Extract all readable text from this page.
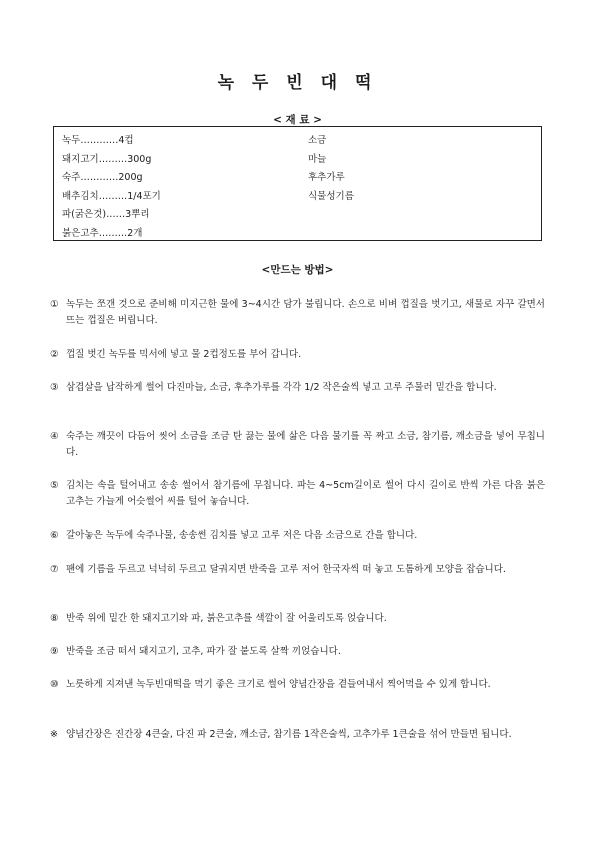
녹 두 빈 대 떡
< 재 료 >
녹두…………4컵
돼지고기………300g
숙주…………200g
배추김치………1/4포기
파(굵은것)……3뿌리
붉은고추………2개
소금
마늘
후추가루
식물성기름
<만드는 방법>
① 녹두는 쪼갠 것으로 준비해 미지근한 물에 3~4시간 담가 불립니다. 손으로 비벼 껍질을 벗기고, 새물로 자꾸 갈면서 뜨는 껍질은 버립니다.
② 껍질 벗긴 녹두를 믹서에 넣고 물 2컵정도를 부어 갑니다.
③ 삼겹살을 납작하게 썰어 다진마늘, 소금, 후추가루를 각각 1/2 작은술씩 넣고 고루 주물러 밑간을 합니다.
④ 숙주는 깨끗이 다듬어 씻어 소금을 조금 탄 끓는 물에 삶은 다음 물기를 꼭 짜고 소금, 참기름, 깨소금을 넣어 무칩니다.
⑤ 김치는 속을 털어내고 송송 썰어서 참기름에 무칩니다. 파는 4~5cm길이로 썰어 다시 길이로 반씩 가른 다음 붉은 고추는 가늘게 어슷썰어 씨를 털어 놓습니다.
⑥ 갈아놓은 녹두에 숙주나물, 송송썬 김치를 넣고 고루 저은 다음 소금으로 간을 합니다.
⑦ 팬에 기름을 두르고 넉넉히 두르고 달궈지면 반죽을 고루 저어 한국자씩 떠 놓고 도톰하게 모양을 잡습니다.
⑧ 반죽 위에 밑간 한 돼지고기와 파, 붉은고추를 색깔이 잘 어울리도록 얹습니다.
⑨ 반죽을 조금 떠서 돼지고기, 고추, 파가 잘 붙도록 살짝 끼얹습니다.
⑩ 노릇하게 지져낸 녹두빈대떡을 먹기 좋은 크기로 썰어 양념간장을 곁들여내서 찍어먹을 수 있게 합니다.
※ 양념간장은 진간장 4큰술, 다진 파 2큰술, 깨소금, 참기름 1작은술씩, 고추가루 1큰술을 섞어 만들면 됩니다.
